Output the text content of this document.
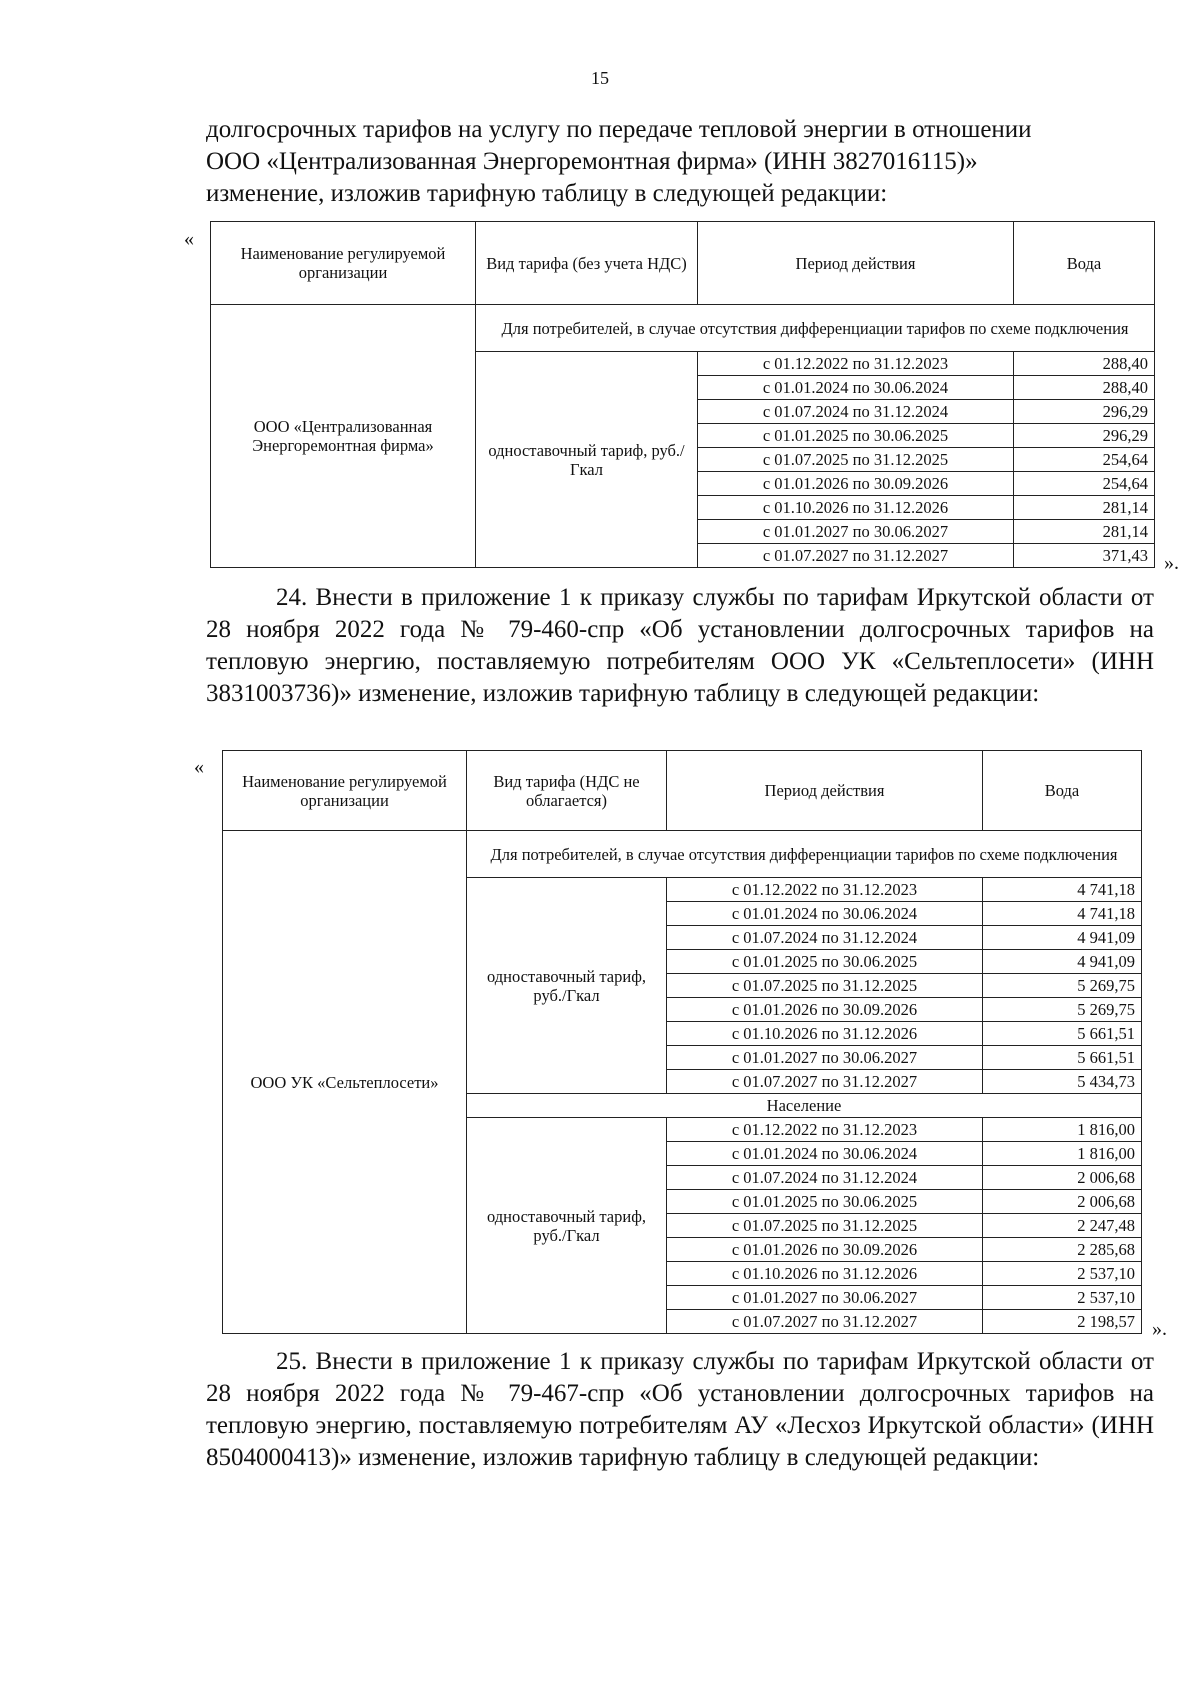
15

долгосрочных тарифов на услугу по передаче тепловой энергии в отношении

ООО «Централизованная Энергоремонтная фирма» (ИНН 3827016115)»

изменение, изложив тарифную таблицу в следующей редакции:

«
Наименование регулируемой организации	Вид тарифа (без учета НДС)	Период действия	Вода
ООО «Централизованная Энергоремонтная фирма»	Для потребителей, в случае отсутствия дифференциации тарифов по схеме подключения		
	одноставочный тариф, руб./Гкал	с 01.12.2022 по 31.12.2023	288,40
		с 01.01.2024 по 30.06.2024	288,40
		с 01.07.2024 по 31.12.2024	296,29
		с 01.01.2025 по 30.06.2025	296,29
		с 01.07.2025 по 31.12.2025	254,64
		с 01.01.2026 по 30.09.2026	254,64
		с 01.10.2026 по 31.12.2026	281,14
		с 01.01.2027 по 30.06.2027	281,14
		с 01.07.2027 по 31.12.2027	371,43 ».

24. Внести в приложение 1 к приказу службы по тарифам Иркутской области от 28 ноября 2022 года № 79-460-спр «Об установлении долгосрочных тарифов на тепловую энергию, поставляемую потребителям ООО УК «Сельтеплосети» (ИНН 3831003736)» изменение, изложив тарифную таблицу в следующей редакции:

«
Наименование регулируемой организации	Вид тарифа (НДС не облагается)	Период действия	Вода
ООО УК «Сельтеплосети»	Для потребителей, в случае отсутствия дифференциации тарифов по схеме подключения		
	одноставочный тариф, руб./Гкал	с 01.12.2022 по 31.12.2023	4 741,18
		с 01.01.2024 по 30.06.2024	4 741,18
		с 01.07.2024 по 31.12.2024	4 941,09
		с 01.01.2025 по 30.06.2025	4 941,09
		с 01.07.2025 по 31.12.2025	5 269,75
		с 01.01.2026 по 30.09.2026	5 269,75
		с 01.10.2026 по 31.12.2026	5 661,51
		с 01.01.2027 по 30.06.2027	5 661,51
		с 01.07.2027 по 31.12.2027	5 434,73
	Население		
	одноставочный тариф, руб./Гкал	с 01.12.2022 по 31.12.2023	1 816,00
		с 01.01.2024 по 30.06.2024	1 816,00
		с 01.07.2024 по 31.12.2024	2 006,68
		с 01.01.2025 по 30.06.2025	2 006,68
		с 01.07.2025 по 31.12.2025	2 247,48
		с 01.01.2026 по 30.09.2026	2 285,68
		с 01.10.2026 по 31.12.2026	2 537,10
		с 01.01.2027 по 30.06.2027	2 537,10
		с 01.07.2027 по 31.12.2027	2 198,57 ».

25. Внести в приложение 1 к приказу службы по тарифам Иркутской области от 28 ноября 2022 года № 79-467-спр «Об установлении долгосрочных тарифов на тепловую энергию, поставляемую потребителям АУ «Лесхоз Иркутской области» (ИНН 8504000413)» изменение, изложив тарифную таблицу в следующей редакции:
